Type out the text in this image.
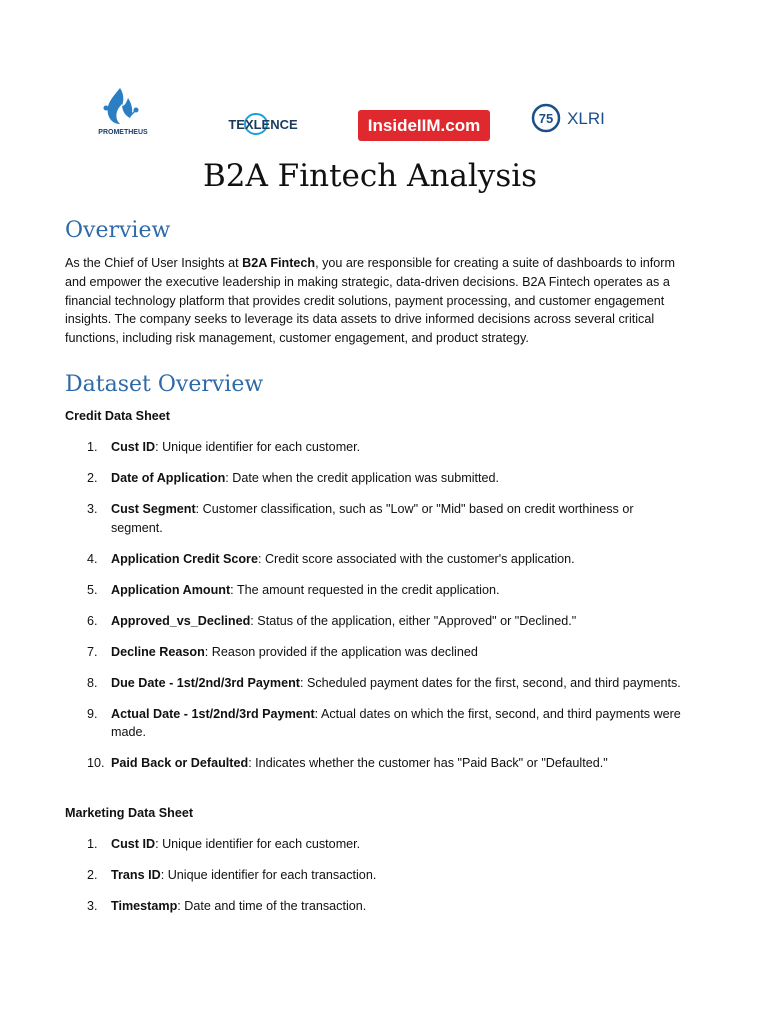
PROMETHEUS
TEXLENCE	InsideIIM.com	75 XLRI
B2A Fintech Analysis
Overview
As the Chief of User Insights at B2A Fintech, you are responsible for creating a suite of dashboards to inform and empower the executive leadership in making strategic, data-driven decisions. B2A Fintech operates as a financial technology platform that provides credit solutions, payment processing, and customer engagement insights. The company seeks to leverage its data assets to drive informed decisions across several critical functions, including risk management, customer engagement, and product strategy.
Dataset Overview
Credit Data Sheet
1.	Cust ID: Unique identifier for each customer.
2.	Date of Application: Date when the credit application was submitted.
3.	Cust Segment: Customer classification, such as "Low" or "Mid" based on credit worthiness or segment.
4.	Application Credit Score: Credit score associated with the customer's application.
5.	Application Amount: The amount requested in the credit application.
6.	Approved_vs_Declined: Status of the application, either "Approved" or "Declined."
7.	Decline Reason: Reason provided if the application was declined
8.	Due Date - 1st/2nd/3rd Payment: Scheduled payment dates for the first, second, and third payments.
9.	Actual Date - 1st/2nd/3rd Payment: Actual dates on which the first, second, and third payments were made.
10. Paid Back or Defaulted: Indicates whether the customer has "Paid Back" or "Defaulted."
Marketing Data Sheet
1.	Cust ID: Unique identifier for each customer.
2.	Trans ID: Unique identifier for each transaction.
3.	Timestamp: Date and time of the transaction.
